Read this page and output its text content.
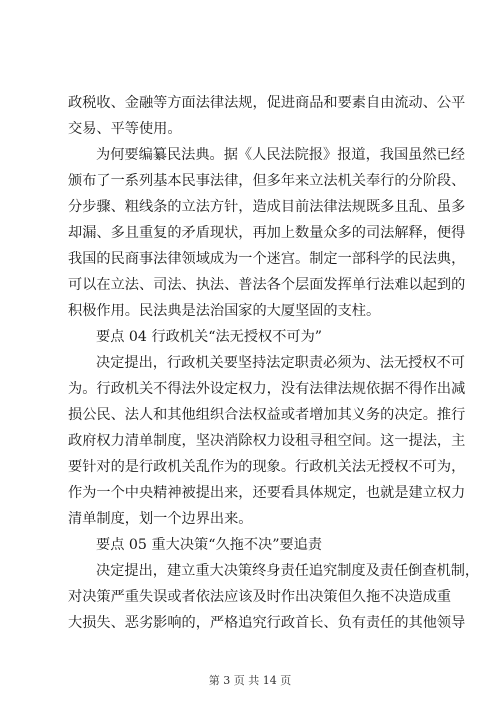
政税收、金融等方面法律法规，促进商品和要素自由流动、公平
交易、平等使用。
为何要编纂民法典。据《人民法院报》报道，我国虽然已经
颁布了一系列基本民事法律，但多年来立法机关奉行的分阶段、
分步骤、粗线条的立法方针，造成目前法律法规既多且乱、虽多
却漏、多且重复的矛盾现状，再加上数量众多的司法解释，便得
我国的民商事法律领域成为一个迷宫。制定一部科学的民法典，
可以在立法、司法、执法、普法各个层面发挥单行法难以起到的
积极作用。民法典是法治国家的大厦坚固的支柱。
要点 04 行政机关“法无授权不可为”
决定提出，行政机关要坚持法定职责必须为、法无授权不可
为。行政机关不得法外设定权力，没有法律法规依据不得作出减
损公民、法人和其他组织合法权益或者增加其义务的决定。推行
政府权力清单制度，坚决消除权力设租寻租空间。这一提法，主
要针对的是行政机关乱作为的现象。行政机关法无授权不可为，
作为一个中央精神被提出来，还要看具体规定，也就是建立权力
清单制度，划一个边界出来。
要点 05 重大决策“久拖不决”要追责
决定提出，建立重大决策终身责任追究制度及责任倒查机制，
对决策严重失误或者依法应该及时作出决策但久拖不决造成重
大损失、恶劣影响的，严格追究行政首长、负有责任的其他领导
第 3 页 共 14 页
